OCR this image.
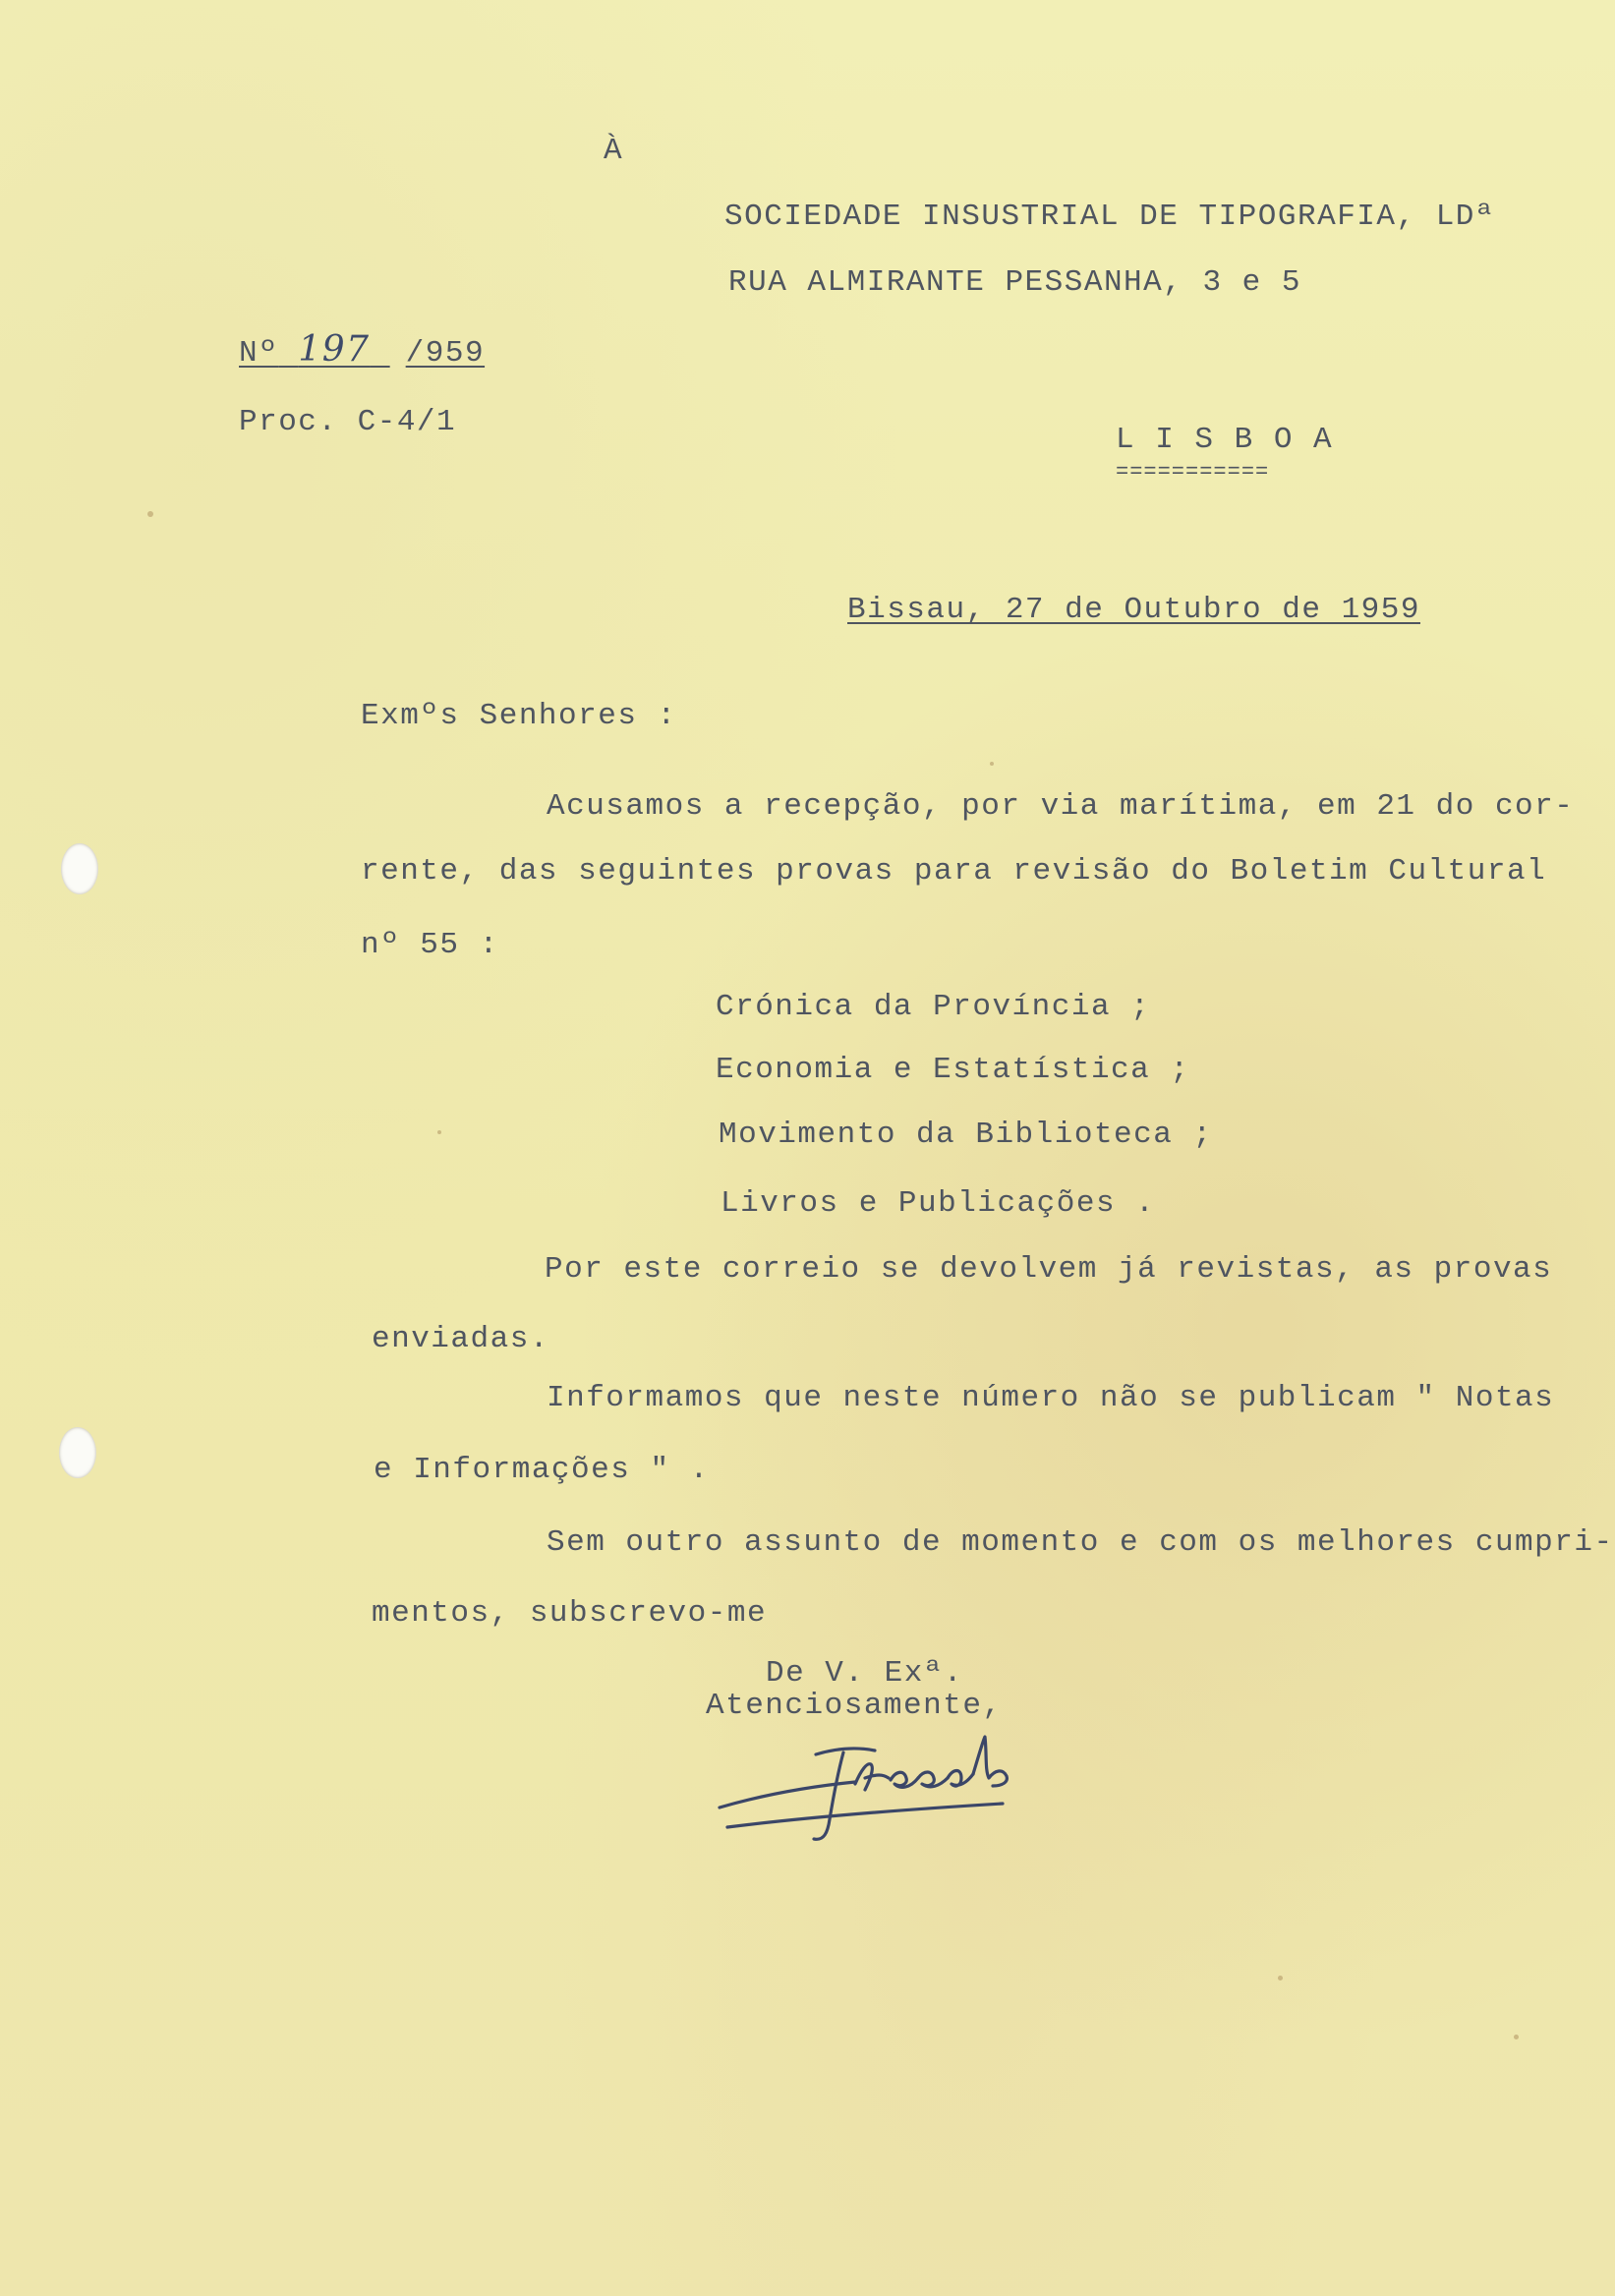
À
SOCIEDADE INSUSTRIAL DE TIPOGRAFIA, LDª
RUA ALMIRANTE PESSANHA, 3 e 5
Nº 197 /959
Proc. C-4/1
L I S B O A
===========
Bissau, 27 de Outubro de 1959
Exmºs Senhores :
Acusamos a recepção, por via marítima, em 21 do cor-
rente, das seguintes provas para revisão do Boletim Cultural
nº 55 :
Crónica da Província ;
Economia e Estatística ;
Movimento da Biblioteca ;
Livros e Publicações .
Por este correio se devolvem já revistas, as provas
enviadas.
Informamos que neste número não se publicam " Notas
e Informações " .
Sem outro assunto de momento e com os melhores cumpri-
mentos, subscrevo-me
De V. Exª.
Atenciosamente,
